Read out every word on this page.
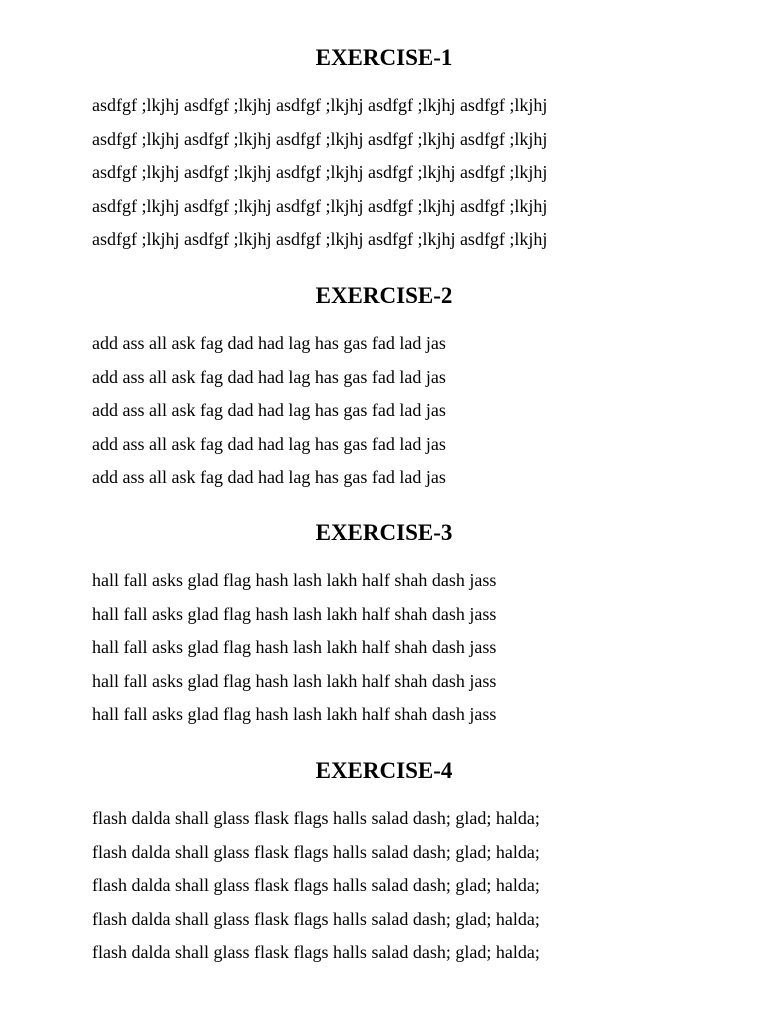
EXERCISE-1

asdfgf ;lkjhj asdfgf ;lkjhj asdfgf ;lkjhj asdfgf ;lkjhj asdfgf ;lkjhj

asdfgf ;lkjhj asdfgf ;lkjhj asdfgf ;lkjhj asdfgf ;lkjhj asdfgf ;lkjhj

asdfgf ;lkjhj asdfgf ;lkjhj asdfgf ;lkjhj asdfgf ;lkjhj asdfgf ;lkjhj

asdfgf ;lkjhj asdfgf ;lkjhj asdfgf ;lkjhj asdfgf ;lkjhj asdfgf ;lkjhj

asdfgf ;lkjhj asdfgf ;lkjhj asdfgf ;lkjhj asdfgf ;lkjhj asdfgf ;lkjhj

EXERCISE-2

add ass all ask fag dad had lag has gas fad lad jas

add ass all ask fag dad had lag has gas fad lad jas

add ass all ask fag dad had lag has gas fad lad jas

add ass all ask fag dad had lag has gas fad lad jas

add ass all ask fag dad had lag has gas fad lad jas

EXERCISE-3

hall fall asks glad flag hash lash lakh half shah dash jass

hall fall asks glad flag hash lash lakh half shah dash jass

hall fall asks glad flag hash lash lakh half shah dash jass

hall fall asks glad flag hash lash lakh half shah dash jass

hall fall asks glad flag hash lash lakh half shah dash jass

EXERCISE-4

flash dalda shall glass flask flags halls salad dash; glad; halda;

flash dalda shall glass flask flags halls salad dash; glad; halda;

flash dalda shall glass flask flags halls salad dash; glad; halda;

flash dalda shall glass flask flags halls salad dash; glad; halda;

flash dalda shall glass flask flags halls salad dash; glad; halda;
